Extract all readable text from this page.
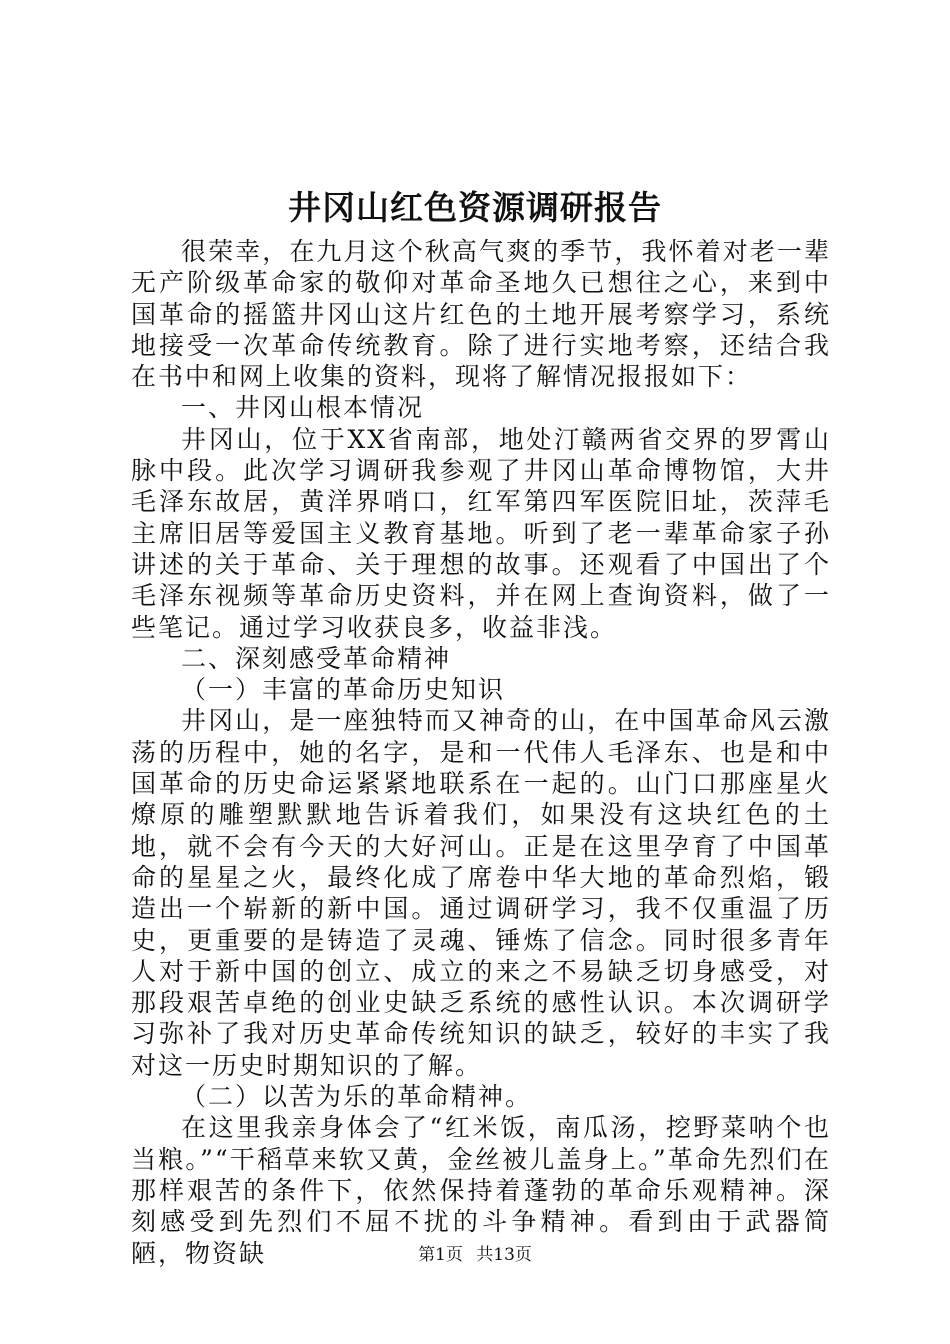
井冈山红色资源调研报告

很荣幸，在九月这个秋高气爽的季节，我怀着对老一辈无产阶级革命家的敬仰对革命圣地久已想往之心，来到中国革命的摇篮井冈山这片红色的土地开展考察学习，系统地接受一次革命传统教育。除了进行实地考察，还结合我在书中和网上收集的资料，现将了解情况报报如下：

一、井冈山根本情况

井冈山，位于XX省南部，地处汀赣两省交界的罗霄山脉中段。此次学习调研我参观了井冈山革命博物馆，大井毛泽东故居，黄洋界哨口，红军第四军医院旧址，茨萍毛主席旧居等爱国主义教育基地。听到了老一辈革命家子孙讲述的关于革命、关于理想的故事。还观看了中国出了个毛泽东视频等革命历史资料，并在网上查询资料，做了一些笔记。通过学习收获良多，收益非浅。

二、深刻感受革命精神

（一）丰富的革命历史知识

井冈山，是一座独特而又神奇的山，在中国革命风云激荡的历程中，她的名字，是和一代伟人毛泽东、也是和中国革命的历史命运紧紧地联系在一起的。山门口那座星火燎原的雕塑默默地告诉着我们，如果没有这块红色的土地，就不会有今天的大好河山。正是在这里孕育了中国革命的星星之火，最终化成了席卷中华大地的革命烈焰，锻造出一个崭新的新中国。通过调研学习，我不仅重温了历史，更重要的是铸造了灵魂、锤炼了信念。同时很多青年人对于新中国的创立、成立的来之不易缺乏切身感受，对那段艰苦卓绝的创业史缺乏系统的感性认识。本次调研学习弥补了我对历史革命传统知识的缺乏，较好的丰实了我对这一历史时期知识的了解。

（二）以苦为乐的革命精神。

在这里我亲身体会了“红米饭，南瓜汤，挖野菜呐个也当粮。”“干稻草来软又黄，金丝被儿盖身上。”革命先烈们在那样艰苦的条件下，依然保持着蓬勃的革命乐观精神。深刻感受到先烈们不屈不扰的斗争精神。看到由于武器简陋，物资缺	第1页 共13页
